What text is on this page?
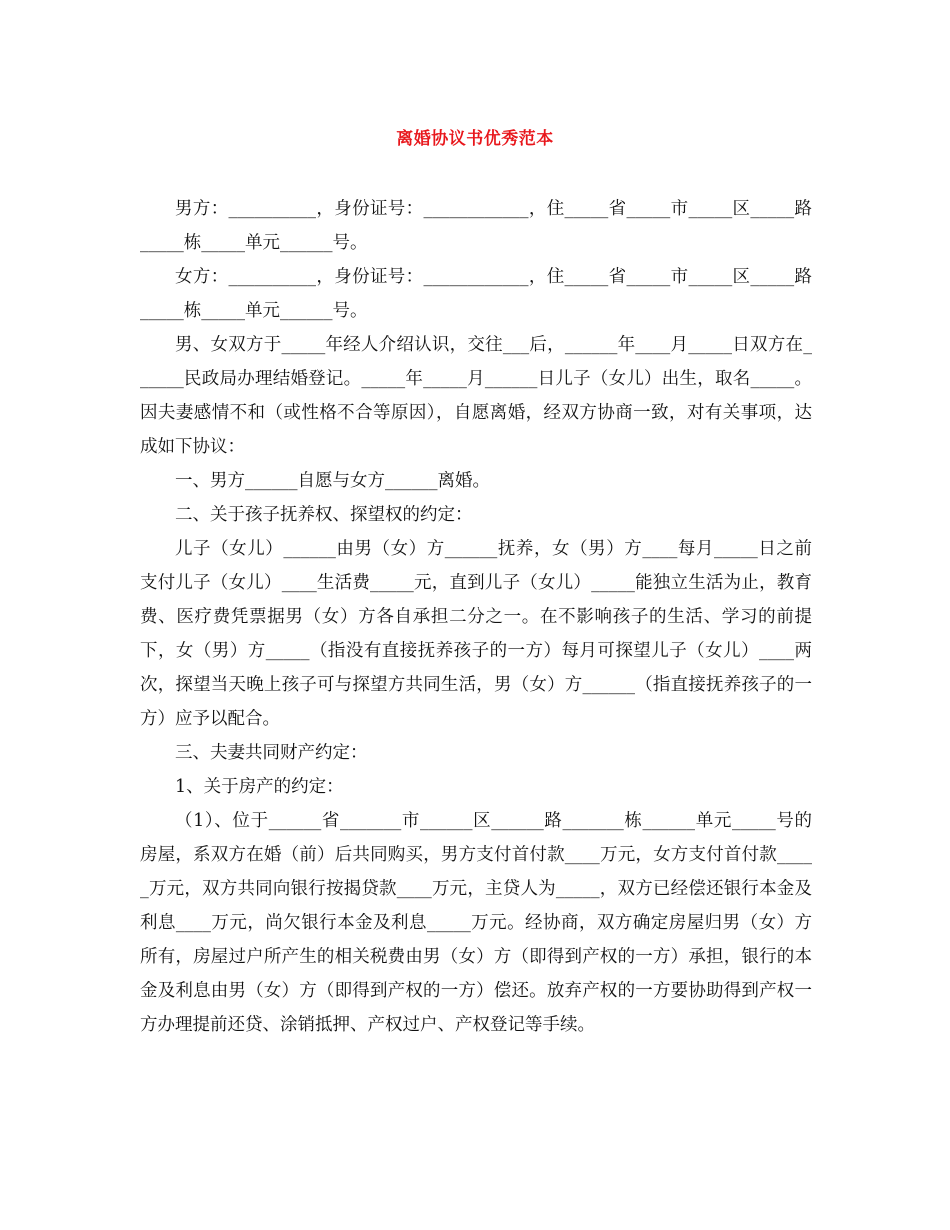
离婚协议书优秀范本

男方：__________，身份证号：____________，住_____省_____市_____区_____路_____栋_____单元______号。

女方：__________，身份证号：____________，住_____省_____市_____区_____路_____栋_____单元______号。

男、女双方于_____年经人介绍认识，交往___后，______年____月_____日双方在______民政局办理结婚登记。_____年_____月______日儿子（女儿）出生，取名_____。因夫妻感情不和（或性格不合等原因），自愿离婚，经双方协商一致，对有关事项，达成如下协议：

一、男方______自愿与女方______离婚。

二、关于孩子抚养权、探望权的约定：

儿子（女儿）______由男（女）方______抚养，女（男）方____每月_____日之前支付儿子（女儿）____生活费_____元，直到儿子（女儿）_____能独立生活为止，教育费、医疗费凭票据男（女）方各自承担二分之一。在不影响孩子的生活、学习的前提下，女（男）方_____（指没有直接抚养孩子的一方）每月可探望儿子（女儿）____两次，探望当天晚上孩子可与探望方共同生活，男（女）方______（指直接抚养孩子的一方）应予以配合。

三、夫妻共同财产约定：

1、关于房产的约定：

（1）、位于______省_______市______区______路_______栋______单元_____号的房屋，系双方在婚（前）后共同购买，男方支付首付款____万元，女方支付首付款_____万元，双方共同向银行按揭贷款____万元，主贷人为_____，双方已经偿还银行本金及利息____万元，尚欠银行本金及利息_____万元。经协商，双方确定房屋归男（女）方所有，房屋过户所产生的相关税费由男（女）方（即得到产权的一方）承担，银行的本金及利息由男（女）方（即得到产权的一方）偿还。放弃产权的一方要协助得到产权一方办理提前还贷、涂销抵押、产权过户、产权登记等手续。
